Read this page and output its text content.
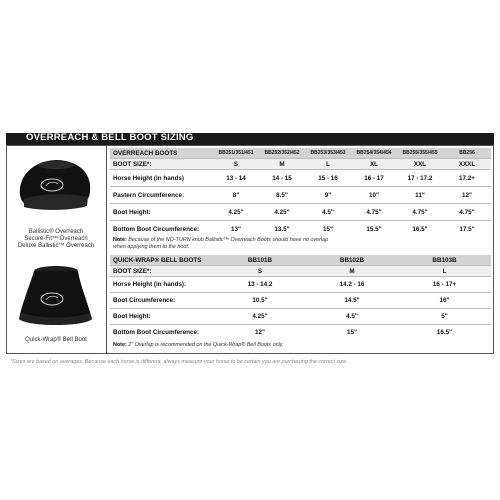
OVERREACH & BELL BOOT SIZING
Ballistic® Overreach
Secure-Fit™ Overreach
Deluxe Ballistic™ Overreach
Quick-Wrap® Bell Boot
OVERREACH BOOTS	BB251/351/451	BB252/352/452	BB253/353/453	BB254/354/454	BB255/355/455	BB256
BOOT SIZE*:	S	M	L	XL	XXL	XXXL
Horse Height (in hands)	13 - 14	14 - 15	15 - 16	16 - 17	17 - 17.2	17.2+
Pastern Circumference:	8"	8.5"	9"	10"	11"	12"
Boot Height:	4.25"	4.25"	4.5"	4.75"	4.75"	4.75"
Bottom Boot Circumference:	13"	13.5"	15"	15.5"	16.5"	17.5"
Note: Because of the NO-TURN knob Ballistic™ Overreach Boots should have no overlap
when applying them to the hoof.
QUICK-WRAP® BELL BOOTS	BB101B	BB102B	BB103B
BOOT SIZE*:	S	M	L
Horse Height (in hands):	13 - 14.2	14.2 - 16	16 - 17+
Boot Circumference:	10.5"	14.5"	16"
Boot Height:	4.25"	4.5"	5"
Bottom Boot Circumference:	12"	15"	16.5"
Note: 2" Overlap is recommended on the Quick-Wrap® Bell Boots only.
*Sizes are based on averages. Because each horse is different, always measure your horse to be certain you are purchasing the correct size.
